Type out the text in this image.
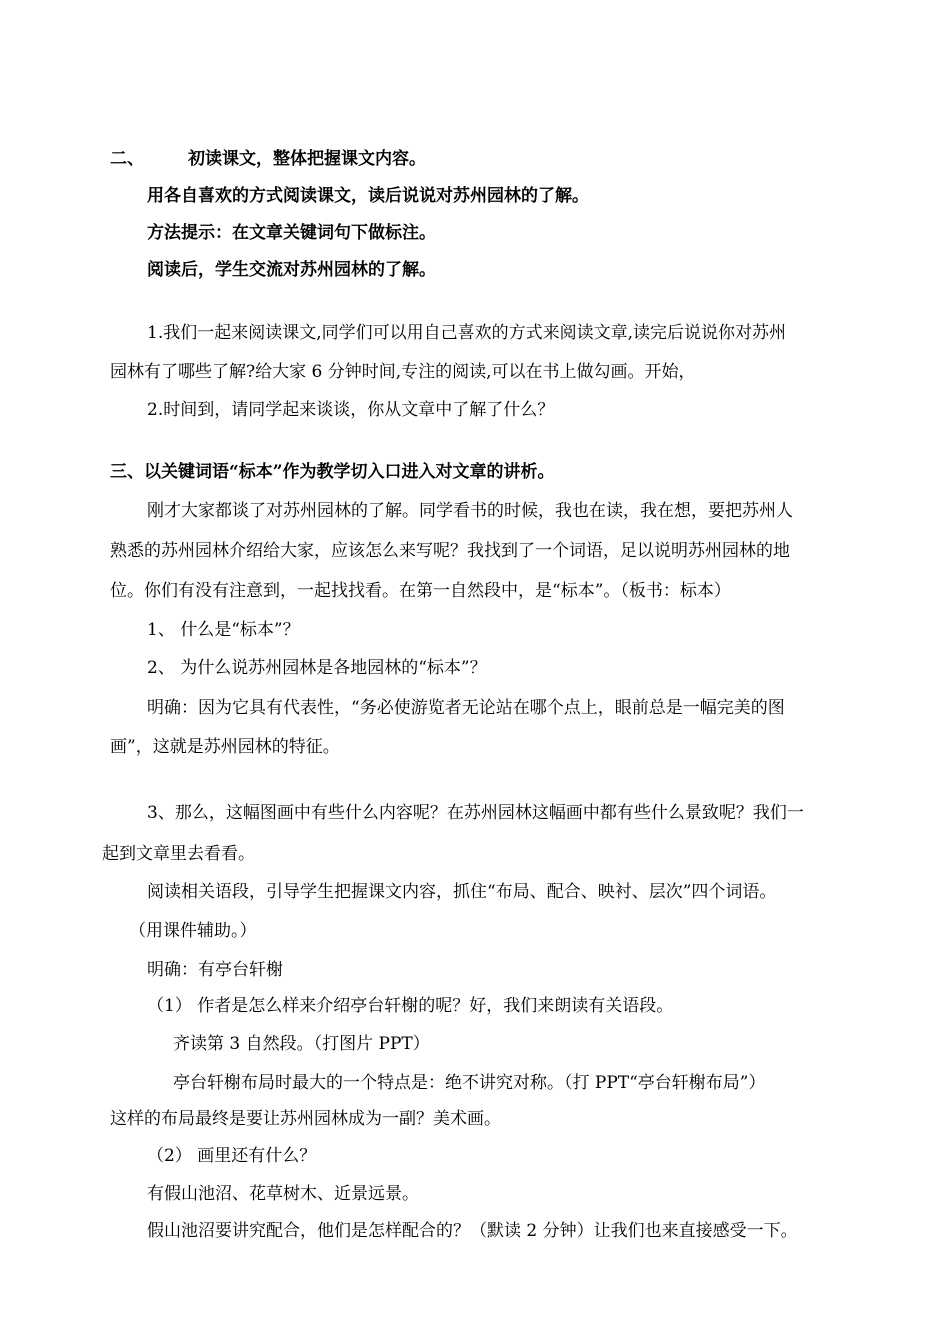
二、	初读课文，整体把握课文内容。
用各自喜欢的方式阅读课文，读后说说对苏州园林的了解。
方法提示：在文章关键词句下做标注。
阅读后，学生交流对苏州园林的了解。
1.我们一起来阅读课文,同学们可以用自己喜欢的方式来阅读文章,读完后说说你对苏州
园林有了哪些了解?给大家 6 分钟时间,专注的阅读,可以在书上做勾画。开始，
2.时间到，请同学起来谈谈，你从文章中了解了什么？
三、以关键词语“标本”作为教学切入口进入对文章的讲析。
刚才大家都谈了对苏州园林的了解。同学看书的时候，我也在读，我在想，要把苏州人
熟悉的苏州园林介绍给大家，应该怎么来写呢？我找到了一个词语，足以说明苏州园林的地
位。你们有没有注意到，一起找找看。在第一自然段中，是“标本”。（板书：标本）
1、 什么是“标本”？
2、 为什么说苏州园林是各地园林的“标本”？
明确：因为它具有代表性，“务必使游览者无论站在哪个点上，眼前总是一幅完美的图
画”，这就是苏州园林的特征。
3、那么，这幅图画中有些什么内容呢？在苏州园林这幅画中都有些什么景致呢？我们一
起到文章里去看看。
阅读相关语段，引导学生把握课文内容，抓住“布局、配合、映衬、层次”四个词语。
（用课件辅助。）
明确：有亭台轩榭
（1） 作者是怎么样来介绍亭台轩榭的呢？好，我们来朗读有关语段。
齐读第 3 自然段。（打图片 PPT）
亭台轩榭布局时最大的一个特点是：绝不讲究对称。（打 PPT“亭台轩榭布局”）
这样的布局最终是要让苏州园林成为一副？美术画。
（2） 画里还有什么？
有假山池沼、花草树木、近景远景。
假山池沼要讲究配合，他们是怎样配合的？（默读 2 分钟）让我们也来直接感受一下。
